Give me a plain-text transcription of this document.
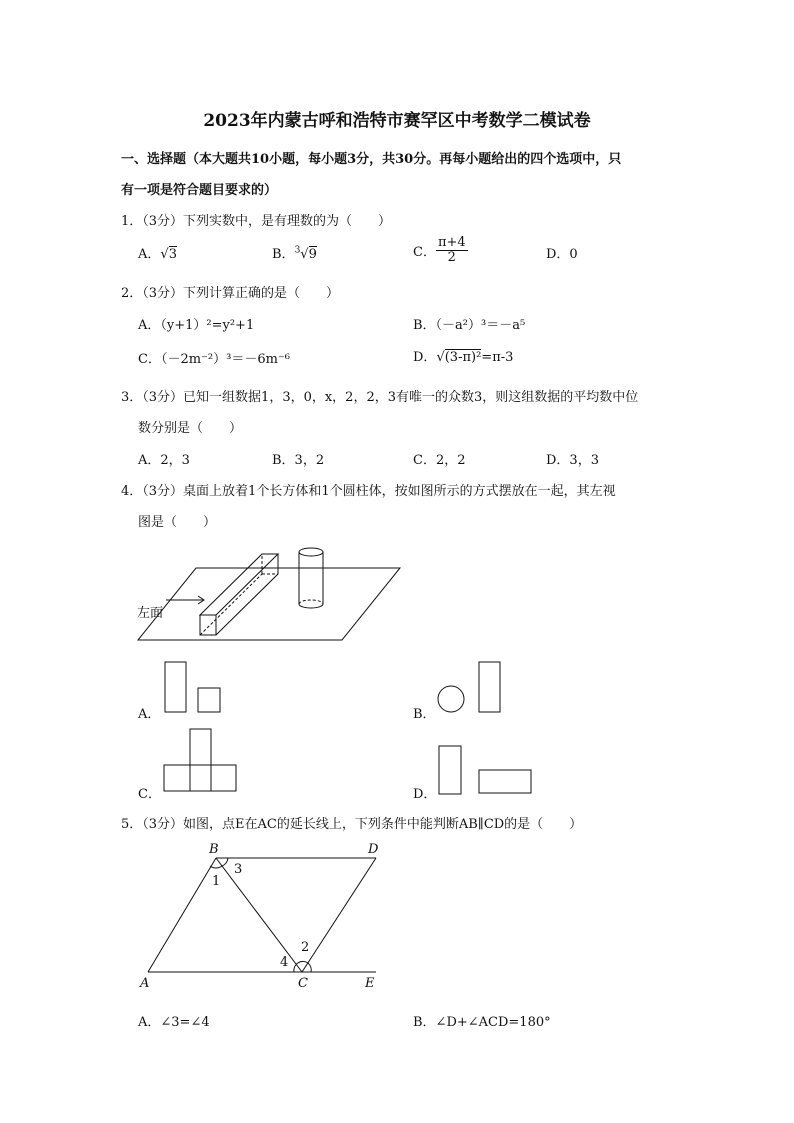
2023年内蒙古呼和浩特市赛罕区中考数学二模试卷
一、选择题（本大题共10小题，每小题3分，共30分。再每小题给出的四个选项中，只
有一项是符合题目要求的）
1．（3分）下列实数中，是有理数的为（　　）
A．√3	B．$^3$√9	C． $\frac{\pi+4}{2}$	D．0
2．（3分）下列计算正确的是（　　）
A．（y+1）²=y²+1	B．（－a²）³＝－a⁵
C．（－2m⁻²）³＝－6m⁻⁶	D．√(3-π)²=π-3
3．（3分）已知一组数据1，3，0，x，2，2，3有唯一的众数3，则这组数据的平均数中位
数分别是（　　）
A．2，3	B．3，2	C．2，2	D．3，3
4．（3分）桌面上放着1个长方体和1个圆柱体，按如图所示的方式摆放在一起，其左视
图是（　　）
左面
A．	B．
C．	D．
5．（3分）如图，点E在AC的延长线上，下列条件中能判断AB∥CD的是（　　）
B	D
A	C	E
1
3
2
4
A．∠3=∠4	B．∠D+∠ACD=180°
